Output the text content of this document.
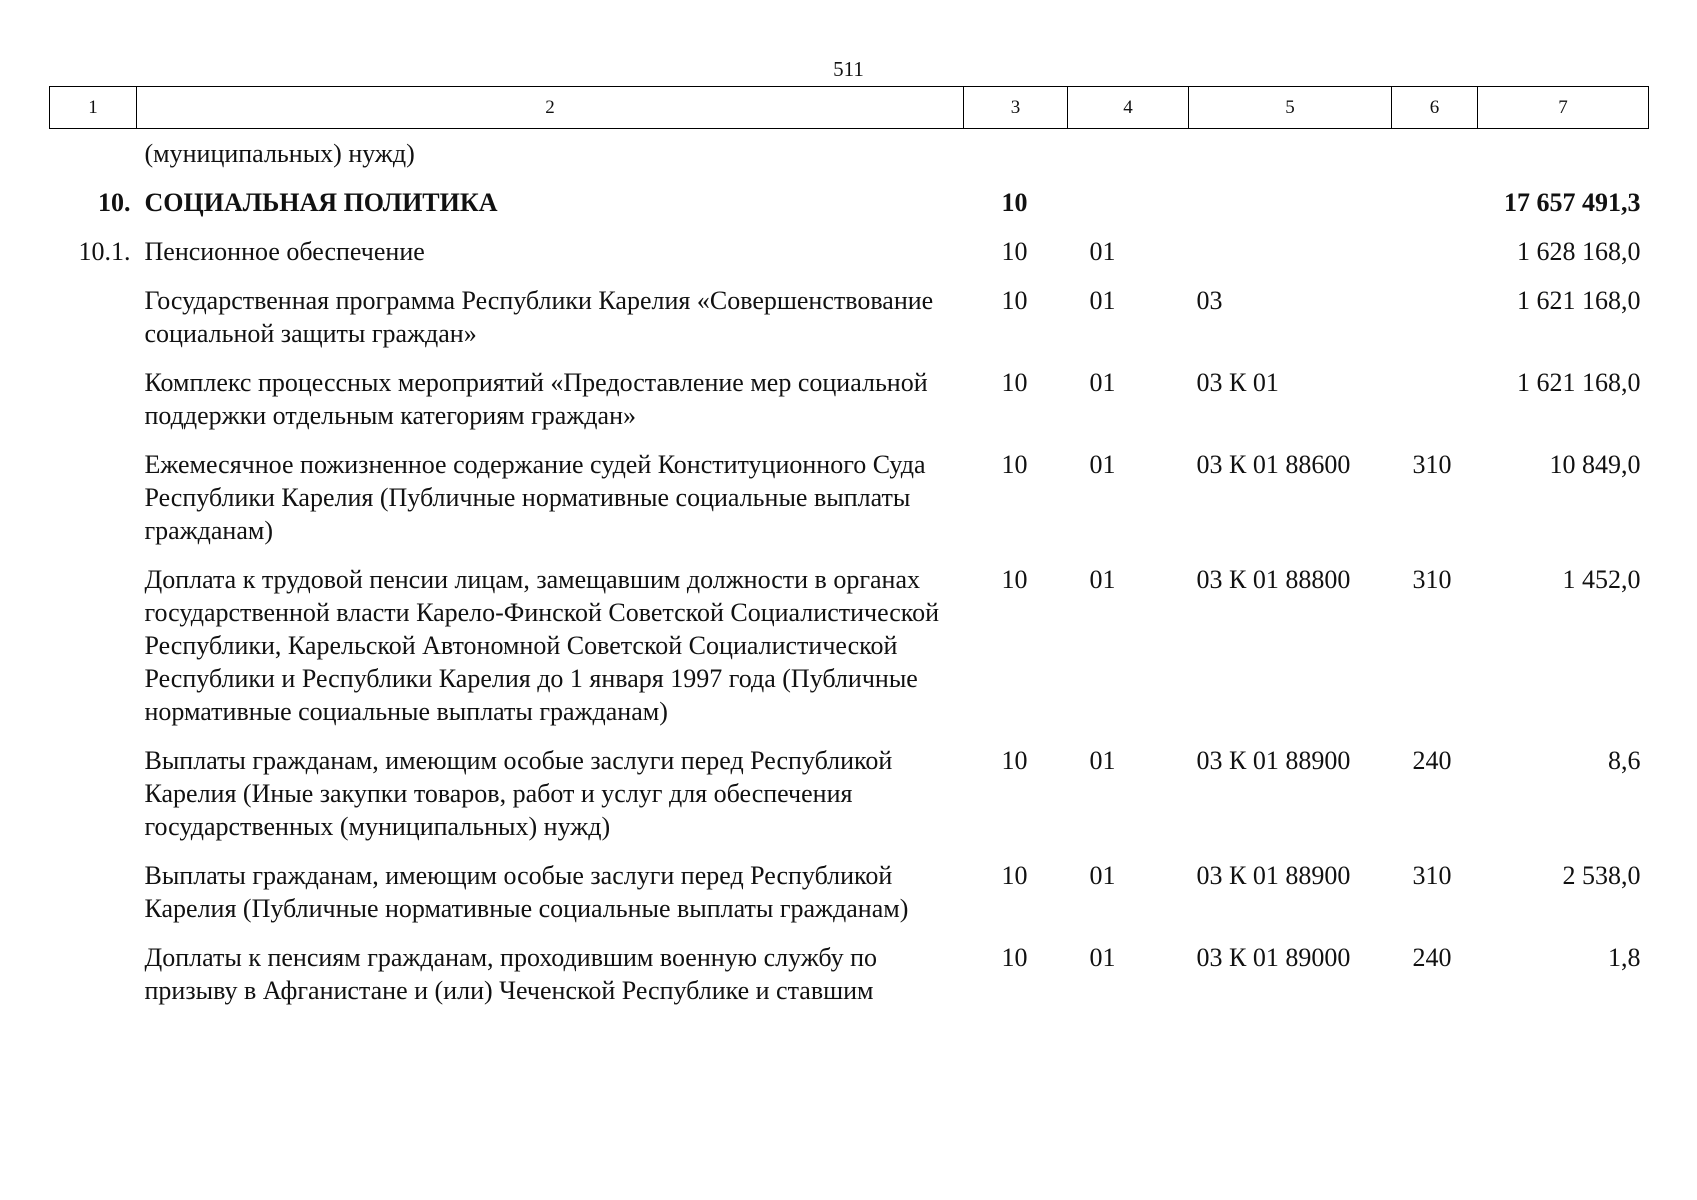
511
1	2	3	4	5	6	7
	(муниципальных) нужд)					
10.	СОЦИАЛЬНАЯ ПОЛИТИКА	10				17 657 491,3
10.1.	Пенсионное обеспечение	10	01			1 628 168,0
	Государственная программа Республики Карелия «Совершенствование социальной защиты граждан»	10	01	03		1 621 168,0
	Комплекс процессных мероприятий «Предоставление мер социальной поддержки отдельным категориям граждан»	10	01	03 К 01		1 621 168,0
	Ежемесячное пожизненное содержание судей Конституционного Суда Республики Карелия (Публичные нормативные социальные выплаты гражданам)	10	01	03 К 01 88600	310	10 849,0
	Доплата к трудовой пенсии лицам, замещавшим должности в органах государственной власти Карело-Финской Советской Социалистической Республики, Карельской Автономной Советской Социалистической Республики и Республики Карелия до 1 января 1997 года (Публичные нормативные социальные выплаты гражданам)	10	01	03 К 01 88800	310	1 452,0
	Выплаты гражданам, имеющим особые заслуги перед Республикой Карелия (Иные закупки товаров, работ и услуг для обеспечения государственных (муниципальных) нужд)	10	01	03 К 01 88900	240	8,6
	Выплаты гражданам, имеющим особые заслуги перед Республикой Карелия (Публичные нормативные социальные выплаты гражданам)	10	01	03 К 01 88900	310	2 538,0
	Доплаты к пенсиям гражданам, проходившим военную службу по призыву в Афганистане и (или) Чеченской Республике и ставшим	10	01	03 К 01 89000	240	1,8
